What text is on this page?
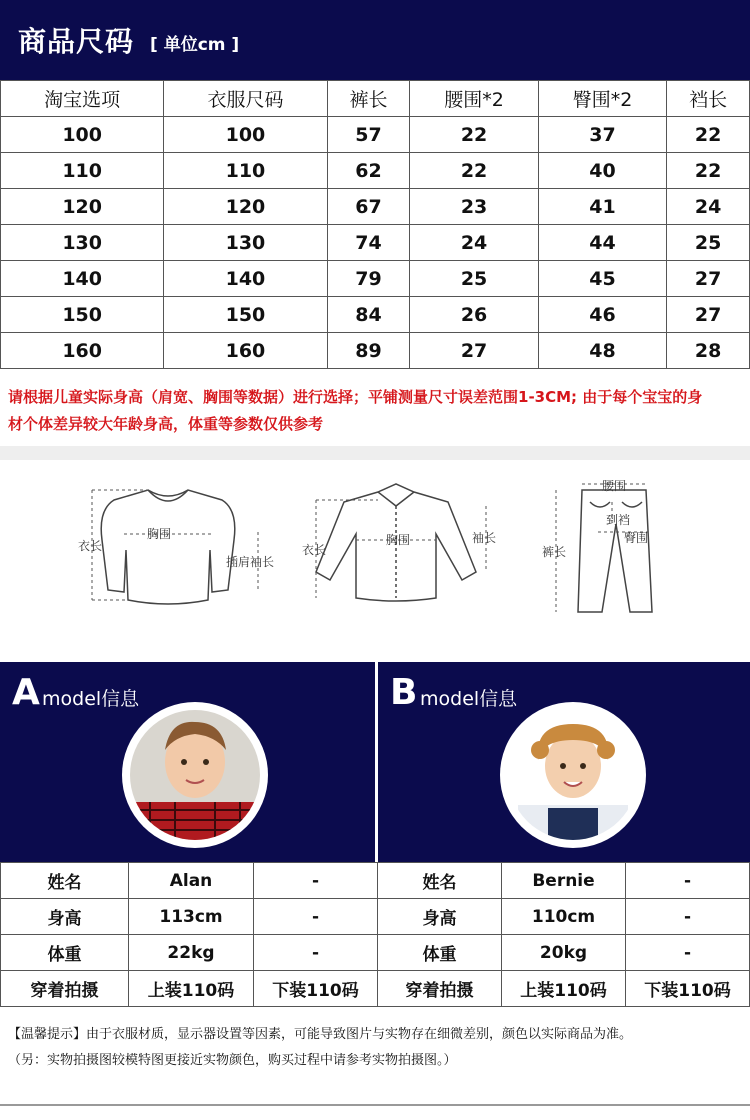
商品尺码 [ 单位cm ]
淘宝选项	衣服尺码	裤长	腰围*2	臀围*2	裆长
100	100	57	22	37	22
110	110	62	22	40	22
120	120	67	23	41	24
130	130	74	24	44	25
140	140	79	25	45	27
150	150	84	26	46	27
160	160	89	27	48	28
请根据儿童实际身高（肩宽、胸围等数据）进行选择；平铺测量尺寸误差范围1-3CM; 由于每个宝宝的身
材个体差异较大年龄身高，体重等参数仅供参考
衣长
胸围
插肩袖长
衣长
胸围	袖长
腰围
到裆
臀围
裤长
A model信息	B model信息
姓名	Alan	-
身高	113cm	-
体重	22kg	-
穿着拍摄	上装110码	下装110码
姓名	Bernie	-
身高	110cm	-
体重	20kg	-
穿着拍摄	上装110码	下装110码
【温馨提示】由于衣服材质，显示器设置等因素，可能导致图片与实物存在细微差别，颜色以实际商品为准。
（另：实物拍摄图较模特图更接近实物颜色，购买过程中请参考实物拍摄图。）
